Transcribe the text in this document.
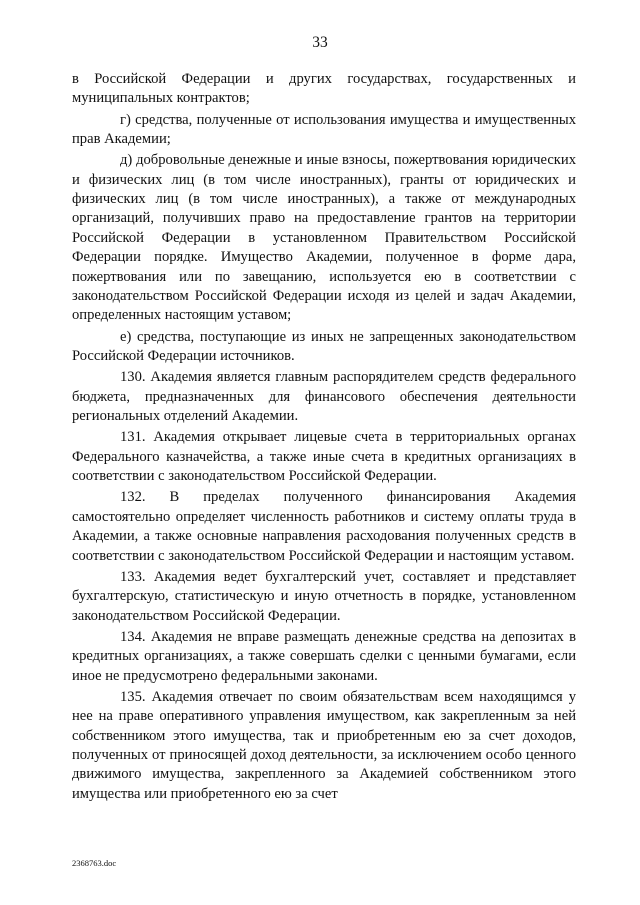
33

в Российской Федерации и других государствах, государственных и муниципальных контрактов;

г) средства, полученные от использования имущества и имущественных прав Академии;

д) добровольные денежные и иные взносы, пожертвования юридических и физических лиц (в том числе иностранных), гранты от юридических и физических лиц (в том числе иностранных), а также от международных организаций, получивших право на предоставление грантов на территории Российской Федерации в установленном Правительством Российской Федерации порядке. Имущество Академии, полученное в форме дара, пожертвования или по завещанию, используется ею в соответствии с законодательством Российской Федерации исходя из целей и задач Академии, определенных настоящим уставом;

е) средства, поступающие из иных не запрещенных законодательством Российской Федерации источников.

130. Академия является главным распорядителем средств федерального бюджета, предназначенных для финансового обеспечения деятельности региональных отделений Академии.

131. Академия открывает лицевые счета в территориальных органах Федерального казначейства, а также иные счета в кредитных организациях в соответствии с законодательством Российской Федерации.

132. В пределах полученного финансирования Академия самостоятельно определяет численность работников и систему оплаты труда в Академии, а также основные направления расходования полученных средств в соответствии с законодательством Российской Федерации и настоящим уставом.

133. Академия ведет бухгалтерский учет, составляет и представляет бухгалтерскую, статистическую и иную отчетность в порядке, установленном законодательством Российской Федерации.

134. Академия не вправе размещать денежные средства на депозитах в кредитных организациях, а также совершать сделки с ценными бумагами, если иное не предусмотрено федеральными законами.

135. Академия отвечает по своим обязательствам всем находящимся у нее на праве оперативного управления имуществом, как закрепленным за ней собственником этого имущества, так и приобретенным ею за счет доходов, полученных от приносящей доход деятельности, за исключением особо ценного движимого имущества, закрепленного за Академией собственником этого имущества или приобретенного ею за счет

2368763.doc
